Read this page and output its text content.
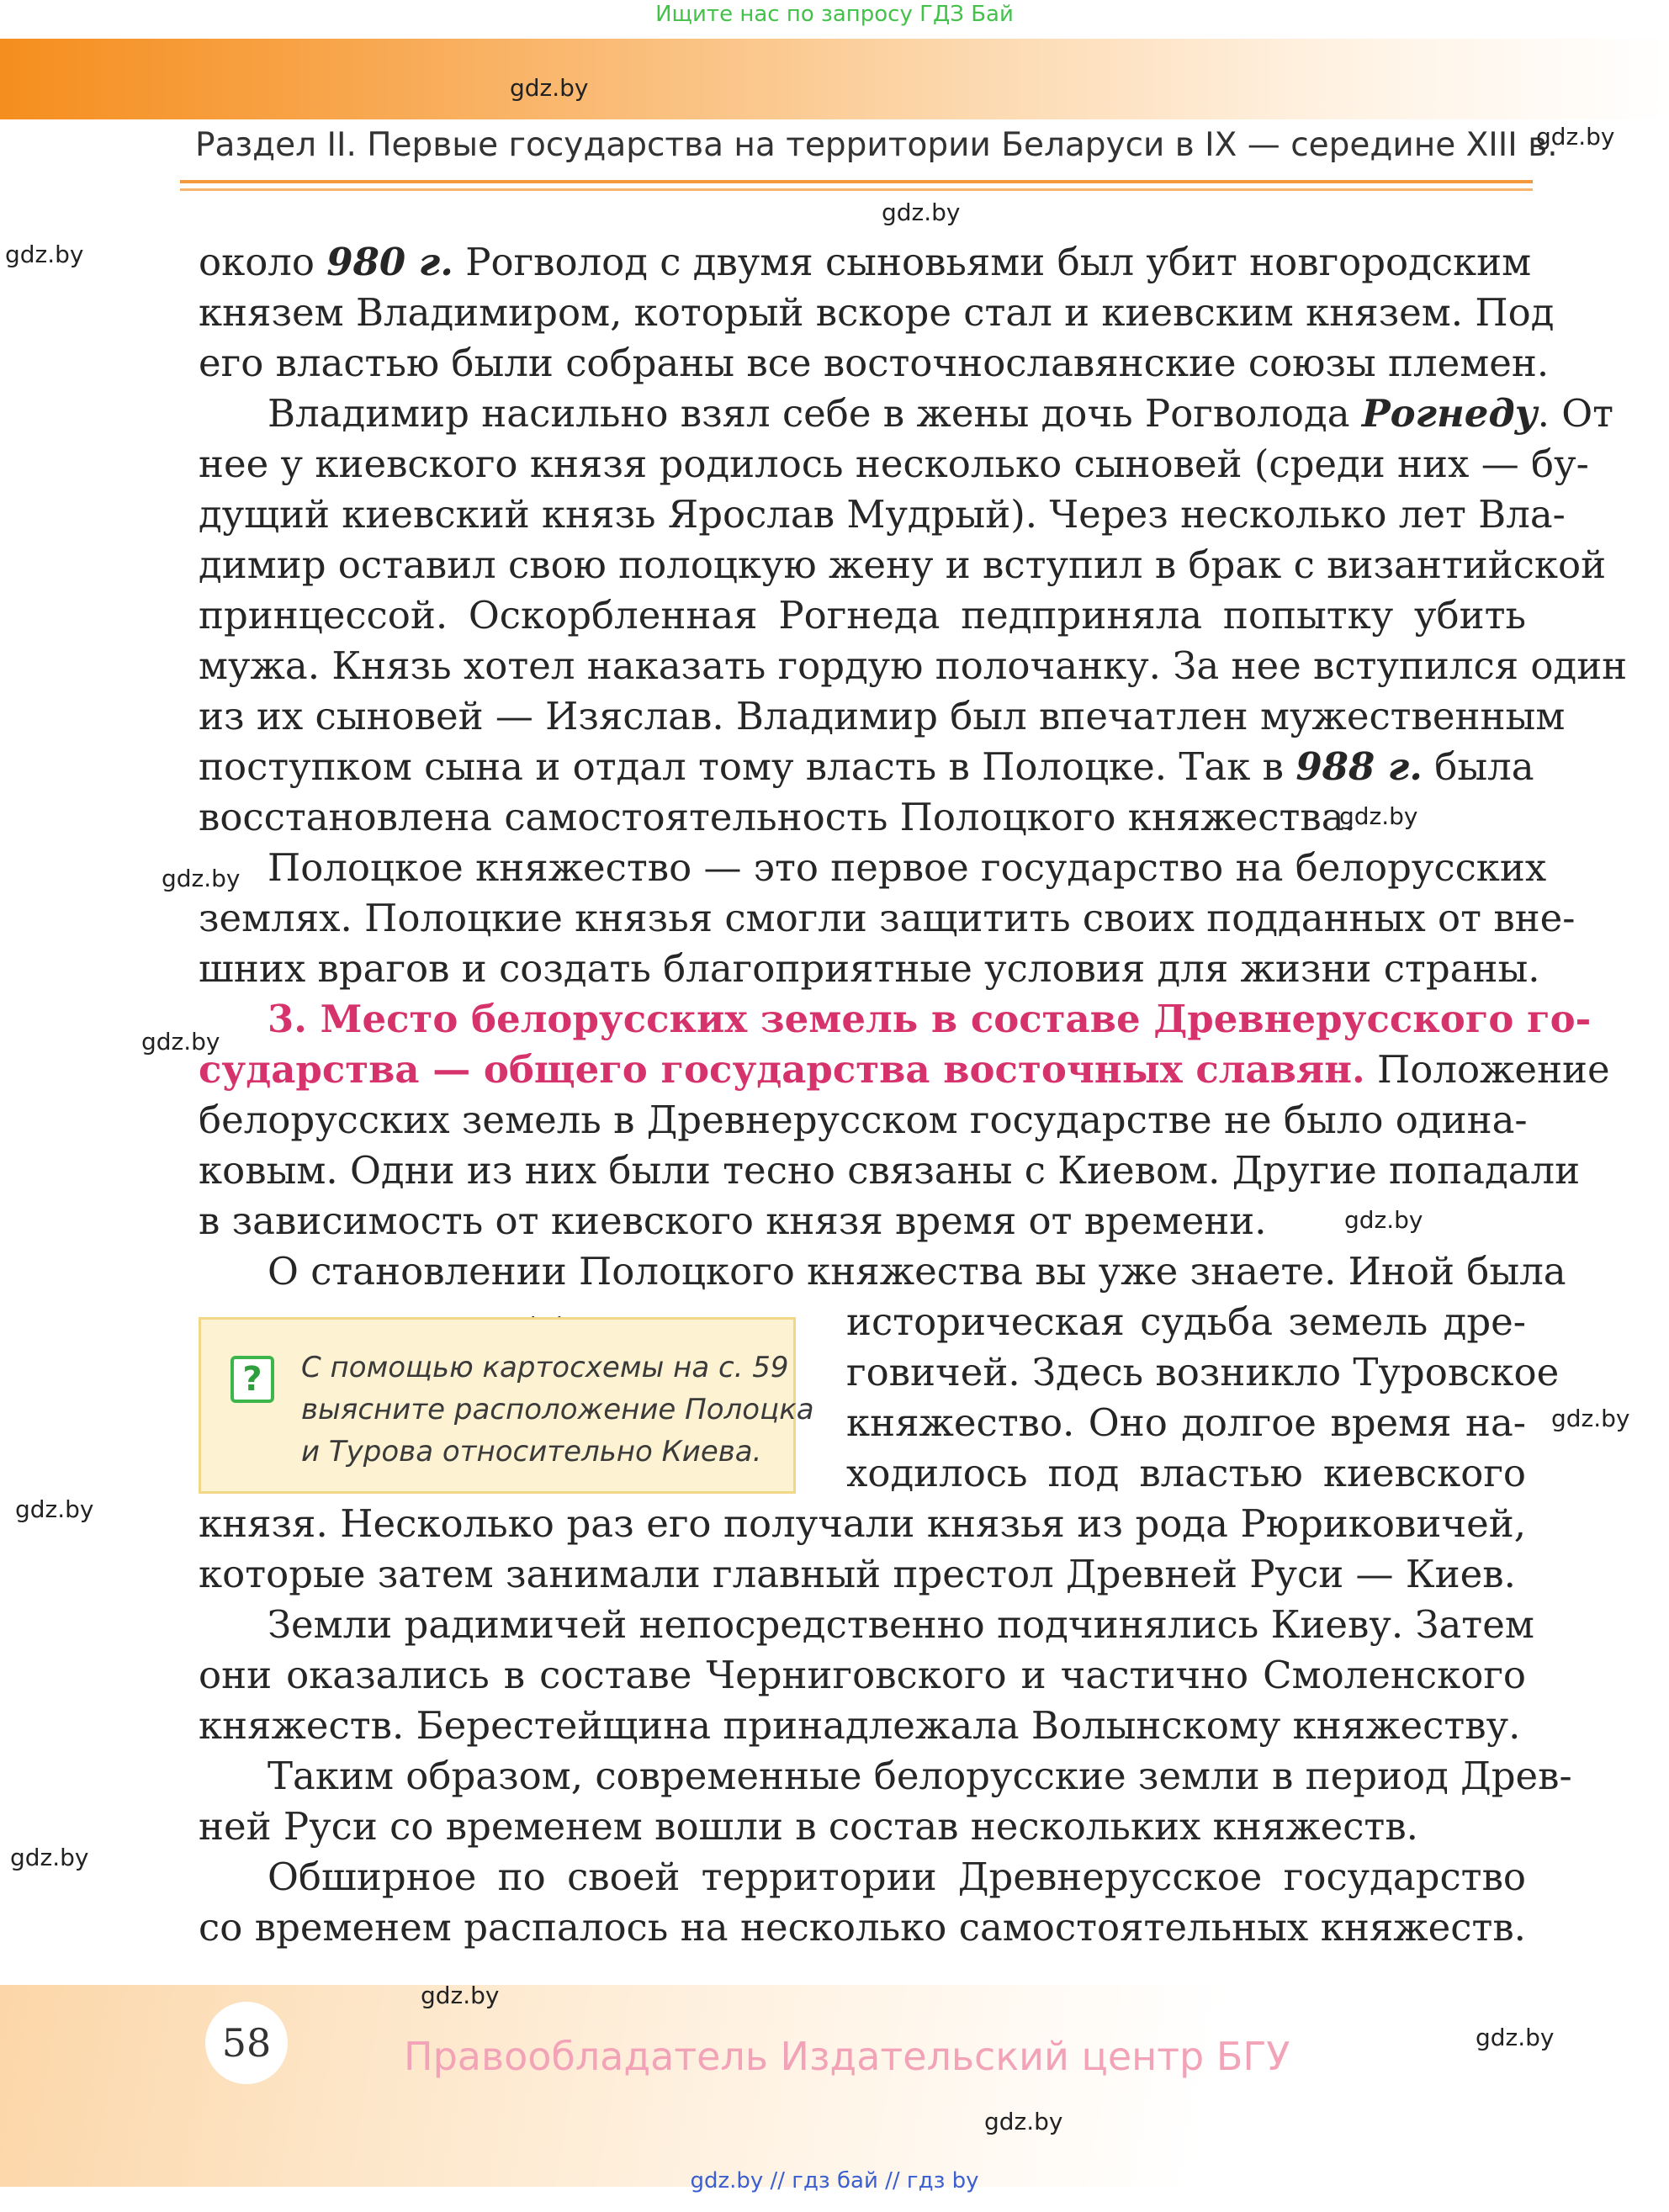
Ищите нас по запросу ГДЗ Бай
gdz.by
Раздел II. Первые государства на территории Беларуси в IX — середине XIII в.
gdz.by
gdz.by
gdz.by
gdz.by
gdz.by
gdz.by
gdz.by
gdz.by
gdz.by
gdz.by
около 980 г. Рогволод с двумя сыновьями был убит новгородским
князем Владимиром, который вскоре стал и киевским князем. Под
его властью были собраны все восточнославянские союзы племен.
Владимир насильно взял себе в жены дочь Рогволода Рогнеду. От
нее у киевского князя родилось несколько сыновей (среди них — бу-
дущий киевский князь Ярослав Мудрый). Через несколько лет Вла-
димир оставил свою полоцкую жену и вступил в брак с византийской
принцессой. Оскорбленная Рогнеда педприняла попытку убить
мужа. Князь хотел наказать гордую полочанку. За нее вступился один
из их сыновей — Изяслав. Владимир был впечатлен мужественным
поступком сына и отдал тому власть в Полоцке. Так в 988 г. была
восстановлена самостоятельность Полоцкого княжества.
Полоцкое княжество — это первое государство на белорусских
землях. Полоцкие князья смогли защитить своих подданных от вне-
шних врагов и создать благоприятные условия для жизни страны.
3. Место белорусских земель в составе Древнерусского го-
сударства — общего государства восточных славян. Положение
белорусских земель в Древнерусском государстве не было одина-
ковым. Одни из них были тесно связаны с Киевом. Другие попадали
в зависимость от киевского князя время от времени.
О становлении Полоцкого княжества вы уже знаете. Иной была
историческая судьба земель дре-
говичей. Здесь возникло Туровское
княжество. Оно долгое время на-
ходилось под властью киевского
князя. Несколько раз его получали князья из рода Рюриковичей,
которые затем занимали главный престол Древней Руси — Киев.
Земли радимичей непосредственно подчинялись Киеву. Затем
они оказались в составе Черниговского и частично Смоленского
княжеств. Берестейщина принадлежала Волынскому княжеству.
Таким образом, современные белорусские земли в период Древ-
ней Руси со временем вошли в состав нескольких княжеств.
Обширное по своей территории Древнерусское государство
со временем распалось на несколько самостоятельных княжеств.
?	С помощью картосхемы на с. 59
выясните расположение Полоцка
и Турова относительно Киева.
gdz.by
58	Правообладатель Издательский центр БГУ	gdz.by
gdz.by
gdz.by // гдз бай // гдз by
